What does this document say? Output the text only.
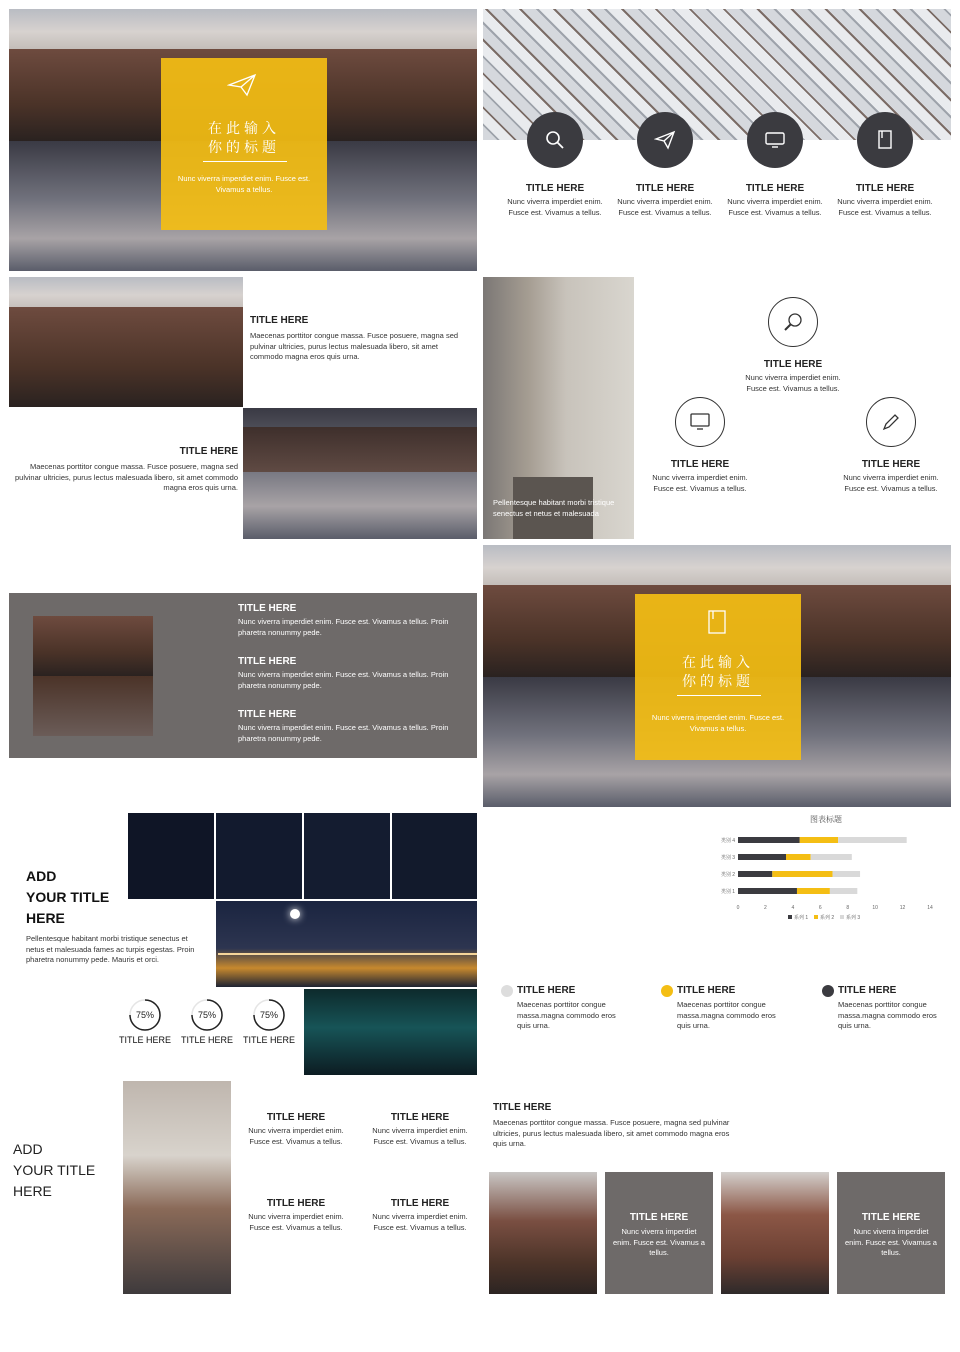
在此输入
你的标题
Nunc viverra imperdiet enim. Fusce est. Vivamus a tellus.	TITLE HERE
Nunc viverra imperdiet enim. Fusce est. Vivamus a tellus.
TITLE HERE
Nunc viverra imperdiet enim. Fusce est. Vivamus a tellus.
TITLE HERE
Nunc viverra imperdiet enim. Fusce est. Vivamus a tellus.
TITLE HERE
Nunc viverra imperdiet enim. Fusce est. Vivamus a tellus.
TITLE HERE
Maecenas porttitor congue massa. Fusce posuere, magna sed pulvinar ultricies, purus lectus malesuada libero, sit amet commodo magna eros quis urna.
TITLE HERE
Maecenas porttitor congue massa. Fusce posuere, magna sed pulvinar ultricies, purus lectus malesuada libero, sit amet commodo magna eros quis urna.
Pellentesque habitant morbi tristique senectus et netus et malesuada
TITLE HERE
Nunc viverra imperdiet enim. Fusce est. Vivamus a tellus.
TITLE HERE
Nunc viverra imperdiet enim. Fusce est. Vivamus a tellus.
TITLE HERE
Nunc viverra imperdiet enim. Fusce est. Vivamus a tellus.
TITLE HERE
Nunc viverra imperdiet enim. Fusce est. Vivamus a tellus. Proin pharetra nonummy pede.
TITLE HERE
Nunc viverra imperdiet enim. Fusce est. Vivamus a tellus. Proin pharetra nonummy pede.
TITLE HERE
Nunc viverra imperdiet enim. Fusce est. Vivamus a tellus. Proin pharetra nonummy pede.
在此输入
你的标题
Nunc viverra imperdiet enim. Fusce est. Vivamus a tellus.
ADD
YOUR TITLE
HERE
Pellentesque habitant morbi tristique senectus et netus et malesuada fames ac turpis egestas. Proin pharetra nonummy pede. Mauris et orci.
75%
TITLE HERE
75%
TITLE HERE
75%
TITLE HERE
图表标题
类别 1
类别 2
类别 3
类别 4
0	2	4	6	8	10	12	14
系列 1 系列 2 系列 3
TITLE HERE
Maecenas porttitor congue massa.magna commodo eros quis urna.
TITLE HERE
Maecenas porttitor congue massa.magna commodo eros quis urna.
TITLE HERE
Maecenas porttitor congue massa.magna commodo eros quis urna.
ADD
YOUR TITLE
HERE
TITLE HERE
Nunc viverra imperdiet enim. Fusce est. Vivamus a tellus.
TITLE HERE
Nunc viverra imperdiet enim. Fusce est. Vivamus a tellus.
TITLE HERE
Nunc viverra imperdiet enim. Fusce est. Vivamus a tellus.
TITLE HERE
Nunc viverra imperdiet enim. Fusce est. Vivamus a tellus.
TITLE HERE
Maecenas porttitor congue massa. Fusce posuere, magna sed pulvinar ultricies, purus lectus malesuada libero, sit amet commodo magna eros quis urna.
TITLE HERE
Nunc viverra imperdiet enim. Fusce est. Vivamus a tellus.
TITLE HERE
Nunc viverra imperdiet enim. Fusce est. Vivamus a tellus.
